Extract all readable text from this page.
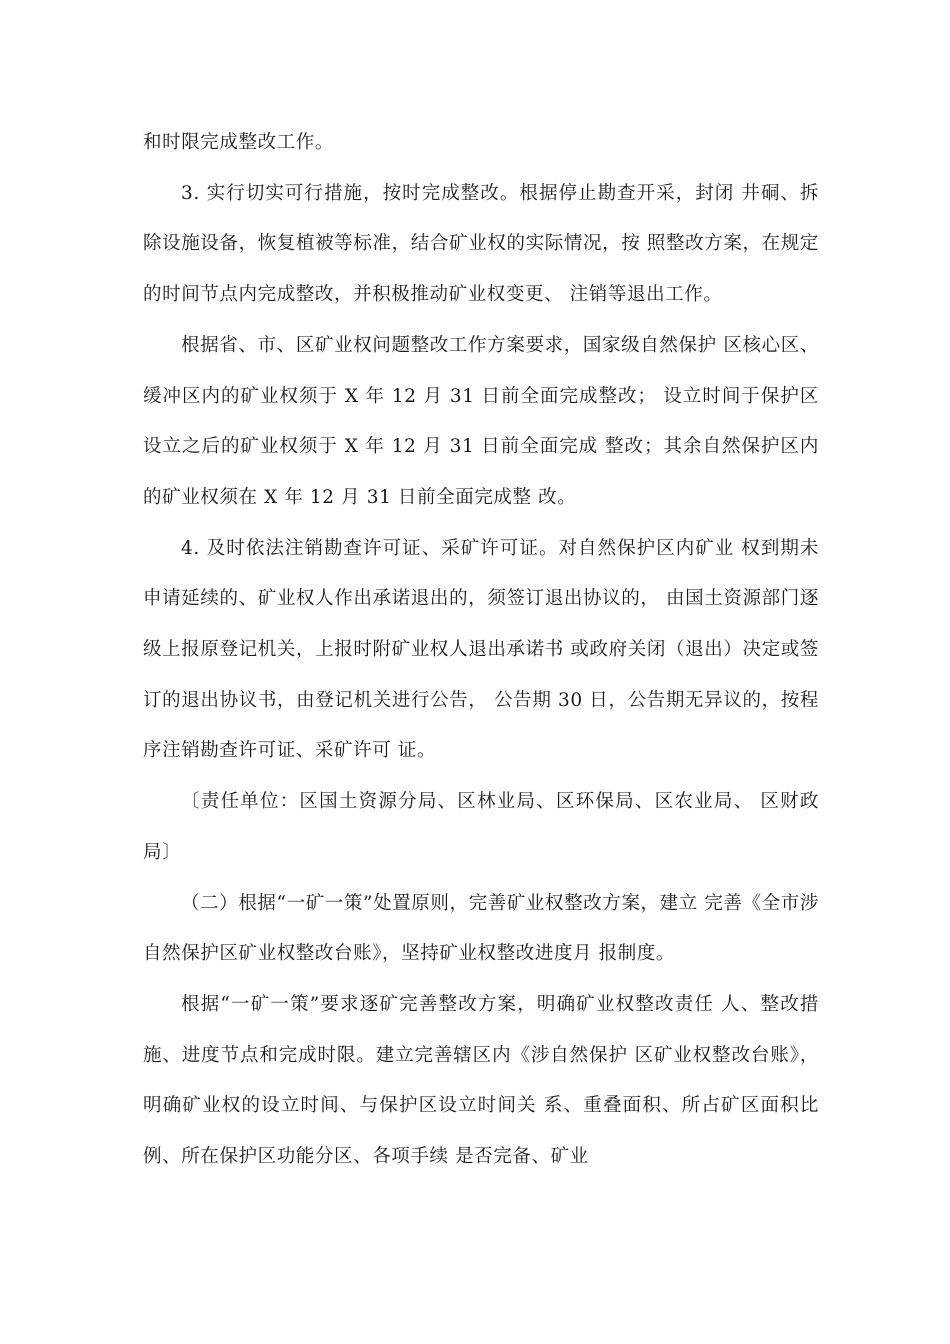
和时限完成整改工作。

3. 实行切实可行措施，按时完成整改。根据停止勘查开采，封闭 井硐、拆除设施设备，恢复植被等标准，结合矿业权的实际情况，按 照整改方案，在规定的时间节点内完成整改，并积极推动矿业权变更、 注销等退出工作。

根据省、市、区矿业权问题整改工作方案要求，国家级自然保护 区核心区、缓冲区内的矿业权须于 X 年 12 月 31 日前全面完成整改； 设立时间于保护区设立之后的矿业权须于 X 年 12 月 31 日前全面完成 整改；其余自然保护区内的矿业权须在 X 年 12 月 31 日前全面完成整 改。

4. 及时依法注销勘查许可证、采矿许可证。对自然保护区内矿业 权到期未申请延续的、矿业权人作出承诺退出的，须签订退出协议的， 由国土资源部门逐级上报原登记机关，上报时附矿业权人退出承诺书 或政府关闭（退出）决定或签订的退出协议书，由登记机关进行公告， 公告期 30 日，公告期无异议的，按程序注销勘查许可证、采矿许可 证。

〔责任单位：区国土资源分局、区林业局、区环保局、区农业局、 区财政局〕

（二）根据“一矿一策”处置原则，完善矿业权整改方案，建立 完善《全市涉自然保护区矿业权整改台账》，坚持矿业权整改进度月 报制度。

根据“一矿一策”要求逐矿完善整改方案，明确矿业权整改责任 人、整改措施、进度节点和完成时限。建立完善辖区内《涉自然保护 区矿业权整改台账》，明确矿业权的设立时间、与保护区设立时间关 系、重叠面积、所占矿区面积比例、所在保护区功能分区、各项手续 是否完备、矿业
